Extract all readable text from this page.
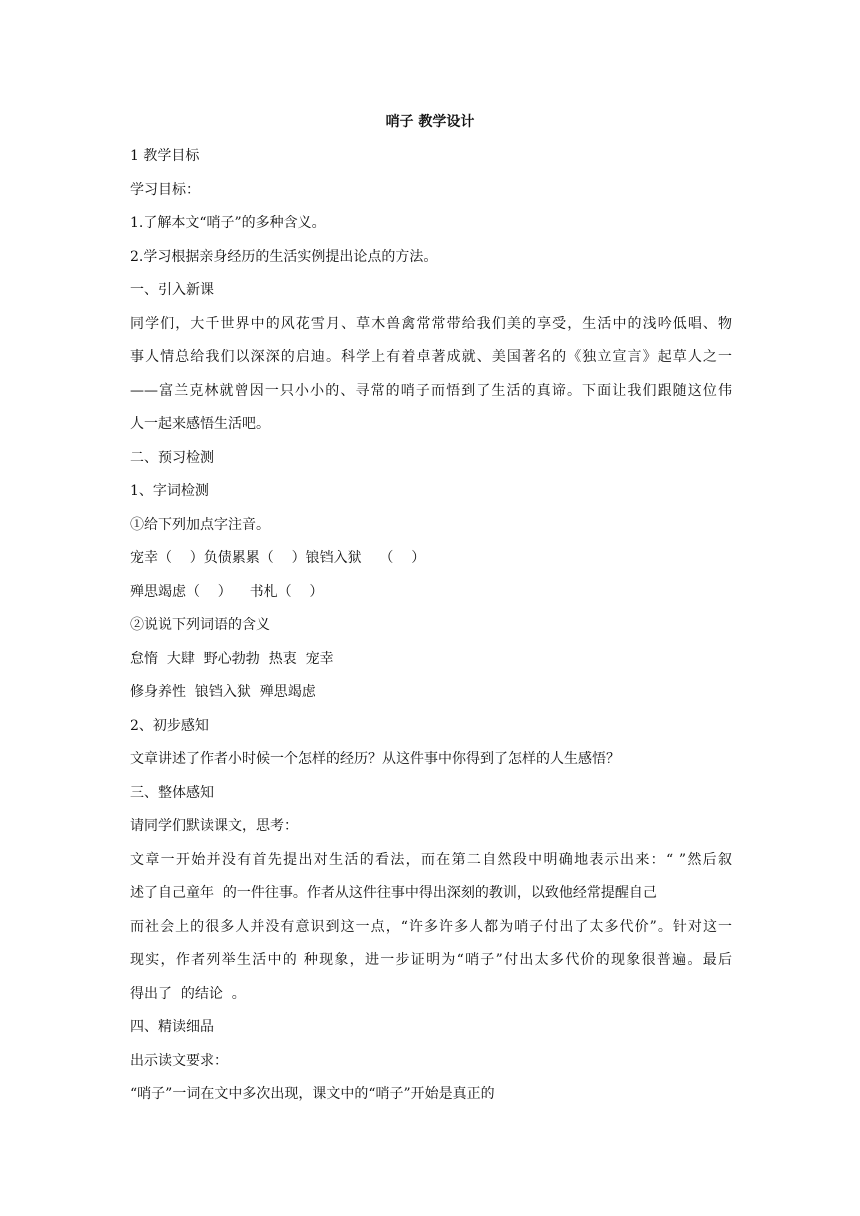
哨子 教学设计
1 教学目标
学习目标：
1.了解本文“哨子”的多种含义。
2.学习根据亲身经历的生活实例提出论点的方法。
一、引入新课
同学们，大千世界中的风花雪月、草木兽禽常常带给我们美的享受，生活中的浅吟低唱、物
事人情总给我们以深深的启迪。科学上有着卓著成就、美国著名的《独立宣言》起草人之一
——富兰克林就曾因一只小小的、寻常的哨子而悟到了生活的真谛。下面让我们跟随这位伟
人一起来感悟生活吧。
二、预习检测
1、字词检测
①给下列加点字注音。
宠幸（    ）负债累累（    ）锒铛入狱    （    ）
殚思竭虑（    ）    书札（    ）
②说说下列词语的含义
怠惰  大肆  野心勃勃  热衷  宠幸
修身养性  锒铛入狱  殚思竭虑
2、初步感知
文章讲述了作者小时候一个怎样的经历？从这件事中你得到了怎样的人生感悟？
三、整体感知
请同学们默读课文，思考：
文章一开始并没有首先提出对生活的看法，而在第二自然段中明确地表示出来：“ ”然后叙
述了自己童年  的一件往事。作者从这件往事中得出深刻的教训，以致他经常提醒自己
而社会上的很多人并没有意识到这一点，“许多许多人都为哨子付出了太多代价”。针对这一
现实，作者列举生活中的 种现象，进一步证明为“哨子”付出太多代价的现象很普遍。最后
得出了  的结论  。
四、精读细品
出示读文要求：
“哨子”一词在文中多次出现，课文中的“哨子”开始是真正的
